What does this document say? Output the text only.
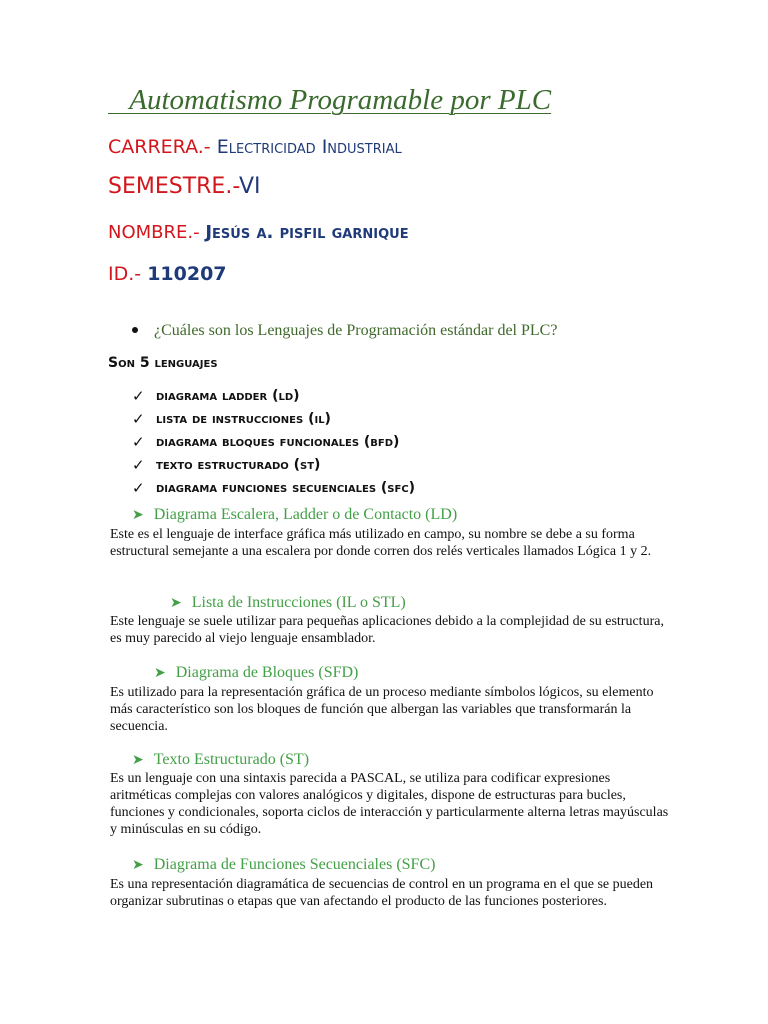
Automatismo Programable por PLC
CARRERA.- Electricidad Industrial
SEMESTRE.-VI
NOMBRE.- Jesús a. pisfil garnique
ID.- 110207
¿Cuáles son los Lenguajes de Programación estándar del PLC?
Son 5 lenguajes
✓ diagrama ladder (ld)
✓ lista de instrucciones (il)
✓ diagrama bloques funcionales (bfd)
✓ texto estructurado (st)
✓ diagrama funciones secuenciales (sfc)
➤ Diagrama Escalera, Ladder o de Contacto (LD)
Este es el lenguaje de interface gráfica más utilizado en campo, su nombre se debe a su forma estructural semejante a una escalera por donde corren dos relés verticales llamados Lógica 1 y 2.
➤ Lista de Instrucciones (IL o STL)
Este lenguaje se suele utilizar para pequeñas aplicaciones debido a la complejidad de su estructura, es muy parecido al viejo lenguaje ensamblador.
➤ Diagrama de Bloques (SFD)
Es utilizado para la representación gráfica de un proceso mediante símbolos lógicos, su elemento más característico son los bloques de función que albergan las variables que transformarán la secuencia.
➤ Texto Estructurado (ST)
Es un lenguaje con una sintaxis parecida a PASCAL, se utiliza para codificar expresiones aritméticas complejas con valores analógicos y digitales, dispone de estructuras para bucles, funciones y condicionales, soporta ciclos de interacción y particularmente alterna letras mayúsculas y minúsculas en su código.
➤ Diagrama de Funciones Secuenciales (SFC)
Es una representación diagramática de secuencias de control en un programa en el que se pueden organizar subrutinas o etapas que van afectando el producto de las funciones posteriores.
